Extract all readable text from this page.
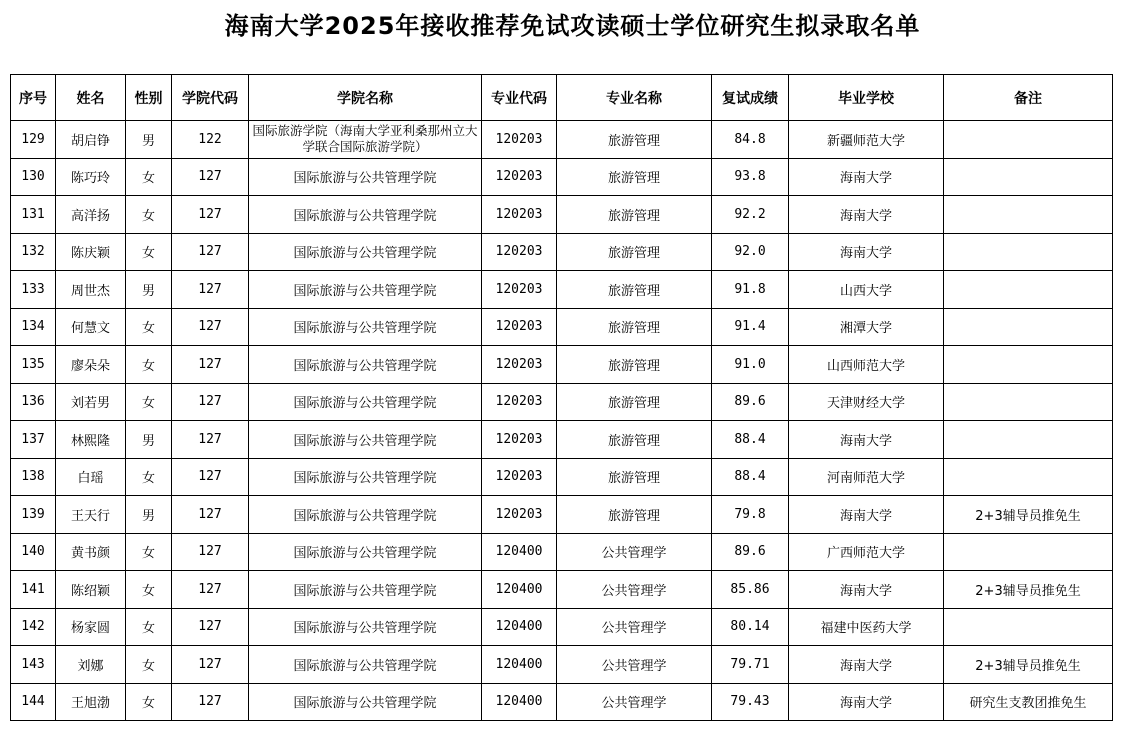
海南大学2025年接收推荐免试攻读硕士学位研究生拟录取名单
序号	姓名	性别	学院代码	学院名称	专业代码	专业名称	复试成绩	毕业学校	备注
129	胡启铮	男	122	国际旅游学院（海南大学亚利桑那州立大学联合国际旅游学院）	120203	旅游管理	84.8	新疆师范大学	
130	陈巧玲	女	127	国际旅游与公共管理学院	120203	旅游管理	93.8	海南大学	
131	高洋扬	女	127	国际旅游与公共管理学院	120203	旅游管理	92.2	海南大学	
132	陈庆颖	女	127	国际旅游与公共管理学院	120203	旅游管理	92.0	海南大学	
133	周世杰	男	127	国际旅游与公共管理学院	120203	旅游管理	91.8	山西大学	
134	何慧文	女	127	国际旅游与公共管理学院	120203	旅游管理	91.4	湘潭大学	
135	廖朵朵	女	127	国际旅游与公共管理学院	120203	旅游管理	91.0	山西师范大学	
136	刘若男	女	127	国际旅游与公共管理学院	120203	旅游管理	89.6	天津财经大学	
137	林熙隆	男	127	国际旅游与公共管理学院	120203	旅游管理	88.4	海南大学	
138	白瑶	女	127	国际旅游与公共管理学院	120203	旅游管理	88.4	河南师范大学	
139	王天行	男	127	国际旅游与公共管理学院	120203	旅游管理	79.8	海南大学	2+3辅导员推免生
140	黄书颜	女	127	国际旅游与公共管理学院	120400	公共管理学	89.6	广西师范大学	
141	陈绍颖	女	127	国际旅游与公共管理学院	120400	公共管理学	85.86	海南大学	2+3辅导员推免生
142	杨家圆	女	127	国际旅游与公共管理学院	120400	公共管理学	80.14	福建中医药大学	
143	刘娜	女	127	国际旅游与公共管理学院	120400	公共管理学	79.71	海南大学	2+3辅导员推免生
144	王旭渤	女	127	国际旅游与公共管理学院	120400	公共管理学	79.43	海南大学	研究生支教团推免生
